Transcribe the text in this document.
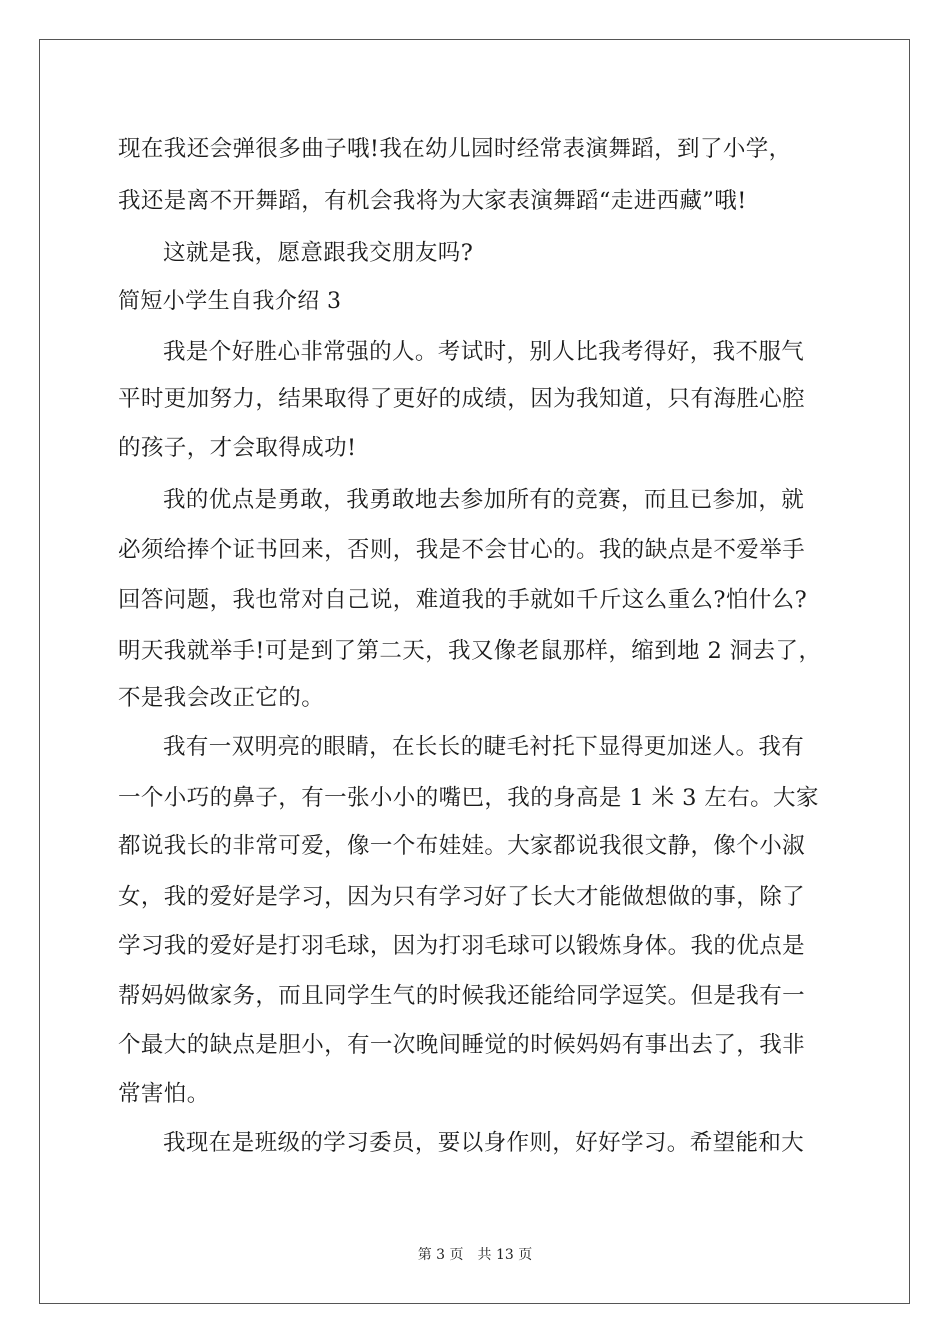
现在我还会弹很多曲子哦!我在幼儿园时经常表演舞蹈，到了小学，
我还是离不开舞蹈，有机会我将为大家表演舞蹈“走进西藏”哦!
这就是我，愿意跟我交朋友吗?
简短小学生自我介绍 3
我是个好胜心非常强的人。考试时，别人比我考得好，我不服气
平时更加努力，结果取得了更好的成绩，因为我知道，只有海胜心腔
的孩子，才会取得成功!
我的优点是勇敢，我勇敢地去参加所有的竞赛，而且已参加，就
必须给捧个证书回来，否则，我是不会甘心的。我的缺点是不爱举手
回答问题，我也常对自己说，难道我的手就如千斤这么重么?怕什么?
明天我就举手!可是到了第二天，我又像老鼠那样，缩到地 2 洞去了，
不是我会改正它的。
我有一双明亮的眼睛，在长长的睫毛衬托下显得更加迷人。我有
一个小巧的鼻子，有一张小小的嘴巴，我的身高是 1 米 3 左右。大家
都说我长的非常可爱，像一个布娃娃。大家都说我很文静，像个小淑
女，我的爱好是学习，因为只有学习好了长大才能做想做的事，除了
学习我的爱好是打羽毛球，因为打羽毛球可以锻炼身体。我的优点是
帮妈妈做家务，而且同学生气的时候我还能给同学逗笑。但是我有一
个最大的缺点是胆小，有一次晚间睡觉的时候妈妈有事出去了，我非
常害怕。
我现在是班级的学习委员，要以身作则，好好学习。希望能和大
第 3 页 共 13 页
